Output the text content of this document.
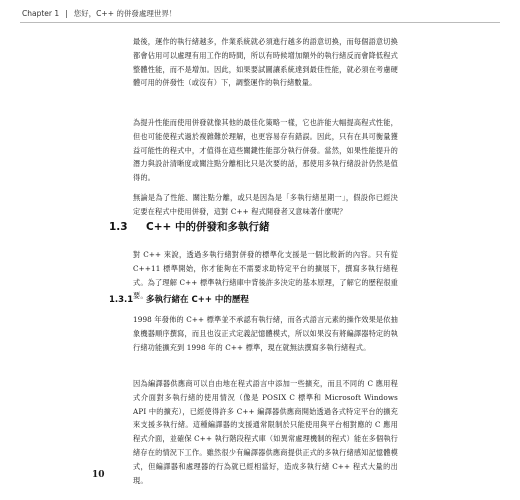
Chapter 1 | 您好，C++ 的併發處理世界！

最後，運作的執行緒越多，作業系統就必須進行越多的語意切換，而每個語意切換都會佔用可以處理有用工作的時間，所以有時候增加額外的執行緒反而會降低程式整體性能，而不是增加。因此，如果要試圖讓系統達到最佳性能，就必須在考慮硬體可用的併發性（或沒有）下，調整運作的執行緒數量。

為提升性能而使用併發就像其他的最佳化策略一樣，它也許能大幅提高程式性能，但也可能使程式過於複雜難於理解，也更容易存有錯誤。因此，只有在具可衡量獲益可能性的程式中，才值得在這些關鍵性能部分執行併發。當然，如果性能提升的潛力與設計清晰度或關注點分離相比只是次要的話，那使用多執行緒設計仍然是值得的。

無論是為了性能、關注點分離，或只是因為是「多執行緒星期一」，假設你已經決定要在程式中使用併發，這對 C++ 程式開發者又意味著什麼呢？

1.3 C++ 中的併發和多執行緒

對 C++ 來說，透過多執行緒對併發的標準化支援是一個比較新的內容。只有從 C++11 標準開始，你才能夠在不需要求助特定平台的擴展下，撰寫多執行緒程式。為了理解 C++ 標準執行緒庫中背後許多決定的基本原理，了解它的歷程很重要。

1.3.1 多執行緒在 C++ 中的歷程

1998 年發佈的 C++ 標準並不承認有執行緒，而各式語言元素的操作效果是依抽象機器順序撰寫，而且也沒正式定義記憶體模式，所以如果沒有將編譯器特定的執行緒功能擴充到 1998 年的 C++ 標準，現在就無法撰寫多執行緒程式。

因為編譯器供應商可以自由地在程式語言中添加一些擴充，而且不同的 C 應用程式介面對多執行緒的使用情況（像是 POSIX C 標準和 Microsoft Windows API 中的擴充），已經使得許多 C++ 編譯器供應商開始透過各式特定平台的擴充來支援多執行緒。這種編譯器的支援通常限制於只能使用與平台相對應的 C 應用程式介面，並確保 C++ 執行階段程式庫（如異常處理機制的程式）能在多個執行緒存在的情況下工作。雖然很少有編譯器供應商提供正式的多執行緒感知記憶體模式，但編譯器和處理器的行為就已經相當好，造成多執行緒 C++ 程式大量的出現。

10
